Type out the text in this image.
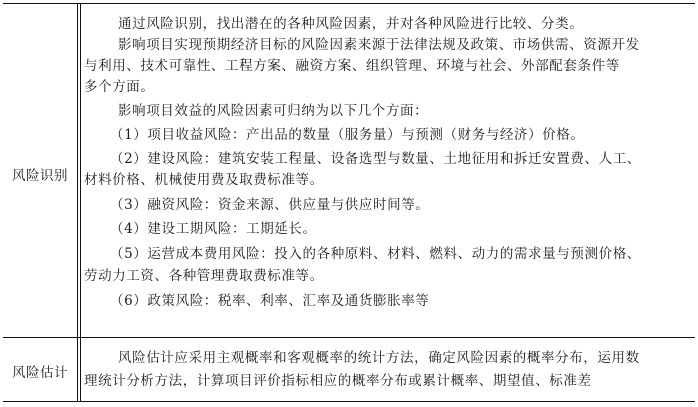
风险识别
通过风险识别，找出潜在的各种风险因素，并对各种风险进行比较、分类。
影响项目实现预期经济目标的风险因素来源于法律法规及政策、市场供需、资源开发
与利用、技术可靠性、工程方案、融资方案、组织管理、环境与社会、外部配套条件等
多个方面。
影响项目效益的风险因素可归纳为以下几个方面：
（1）项目收益风险：产出品的数量（服务量）与预测（财务与经济）价格。
（2）建设风险：建筑安装工程量、设备选型与数量、土地征用和拆迁安置费、人工、
材料价格、机械使用费及取费标准等。
（3）融资风险：资金来源、供应量与供应时间等。
（4）建设工期风险：工期延长。
（5）运营成本费用风险：投入的各种原料、材料、燃料、动力的需求量与预测价格、
劳动力工资、各种管理费取费标准等。
（6）政策风险：税率、利率、汇率及通货膨胀率等
风险估计
风险估计应采用主观概率和客观概率的统计方法，确定风险因素的概率分布，运用数
理统计分析方法，计算项目评价指标相应的概率分布或累计概率、期望值、标准差
